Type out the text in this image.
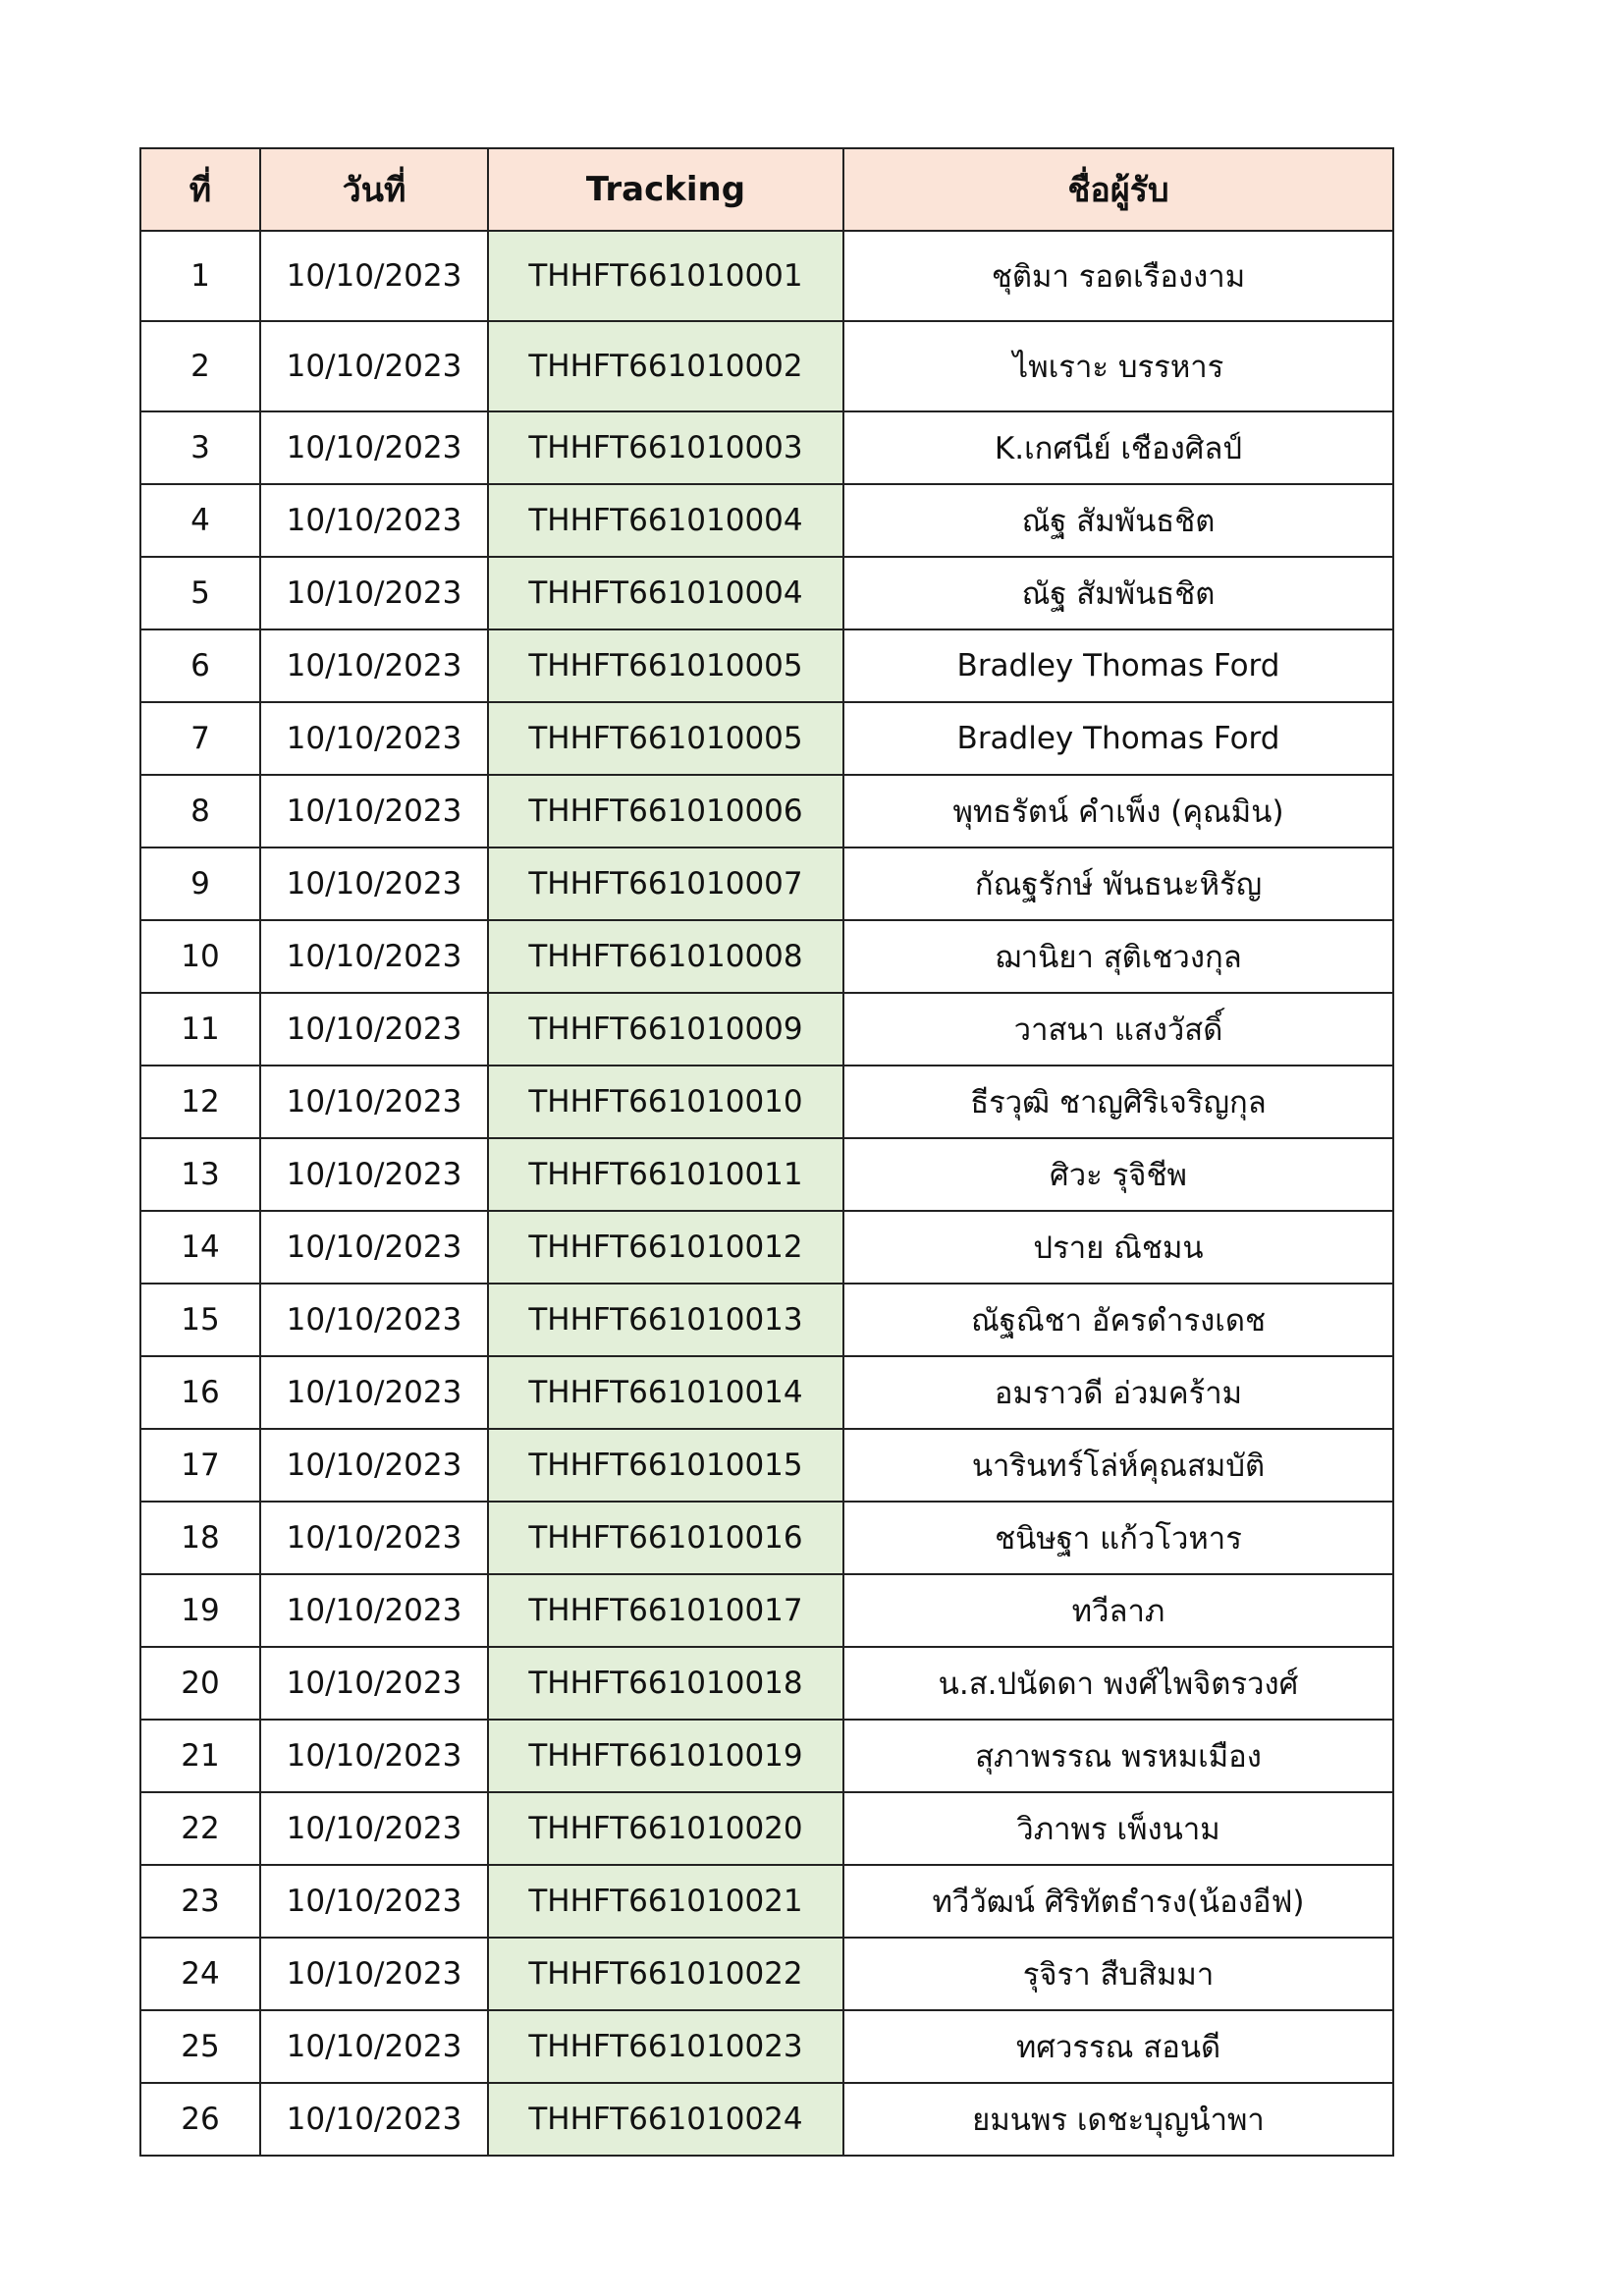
ที่	วันที่	Tracking	ชื่อผู้รับ
1	10/10/2023	THHFT661010001	ชุติมา รอดเรืองงาม
2	10/10/2023	THHFT661010002	ไพเราะ บรรหาร
3	10/10/2023	THHFT661010003	K.เกศนีย์ เชืองศิลป์
4	10/10/2023	THHFT661010004	ณัฐ สัมพันธชิต
5	10/10/2023	THHFT661010004	ณัฐ สัมพันธชิต
6	10/10/2023	THHFT661010005	Bradley Thomas Ford
7	10/10/2023	THHFT661010005	Bradley Thomas Ford
8	10/10/2023	THHFT661010006	พุทธรัตน์ คำเพ็ง (คุณมิน)
9	10/10/2023	THHFT661010007	กัณฐรักษ์ พันธนะหิรัญ
10	10/10/2023	THHFT661010008	ฌานิยา สุติเชวงกุล
11	10/10/2023	THHFT661010009	วาสนา แสงวัสดิ์
12	10/10/2023	THHFT661010010	ธีรวุฒิ ชาญศิริเจริญกุล
13	10/10/2023	THHFT661010011	ศิวะ รุจิชีพ
14	10/10/2023	THHFT661010012	ปราย ณิชมน
15	10/10/2023	THHFT661010013	ณัฐณิชา อัครดำรงเดช
16	10/10/2023	THHFT661010014	อมราวดี อ่วมคร้าม
17	10/10/2023	THHFT661010015	นารินทร์โล่ห์คุณสมบัติ
18	10/10/2023	THHFT661010016	ชนิษฐา แก้วโวหาร
19	10/10/2023	THHFT661010017	ทวีลาภ
20	10/10/2023	THHFT661010018	น.ส.ปนัดดา พงศ์ไพจิตรวงศ์
21	10/10/2023	THHFT661010019	สุภาพรรณ พรหมเมือง
22	10/10/2023	THHFT661010020	วิภาพร เพ็งนาม
23	10/10/2023	THHFT661010021	ทวีวัฒน์ ศิริทัตธำรง(น้องอีฟ)
24	10/10/2023	THHFT661010022	รุจิรา สืบสิมมา
25	10/10/2023	THHFT661010023	ทศวรรณ สอนดี
26	10/10/2023	THHFT661010024	ยมนพร เดชะบุญนำพา
